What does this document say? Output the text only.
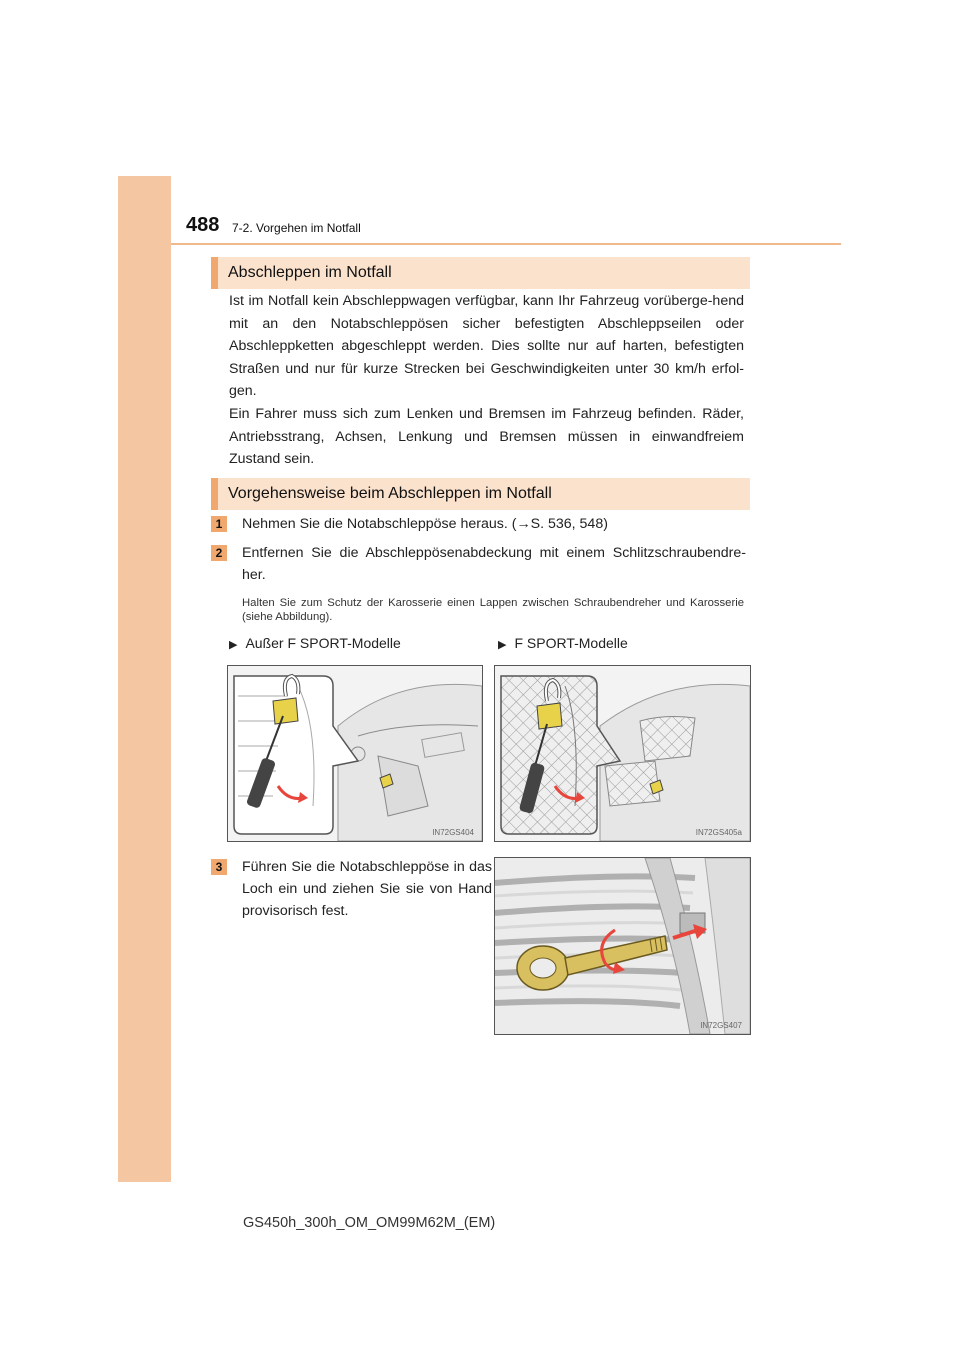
488 7-2. Vorgehen im Notfall
Abschleppen im Notfall

Ist im Notfall kein Abschleppwagen verfügbar, kann Ihr Fahrzeug vorüberge-hend mit an den Notabschleppösen sicher befestigten Abschleppseilen oder Abschleppketten abgeschleppt werden. Dies sollte nur auf harten, befestigten Straßen und nur für kurze Strecken bei Geschwindigkeiten unter 30 km/h erfol-gen.

Ein Fahrer muss sich zum Lenken und Bremsen im Fahrzeug befinden. Räder, Antriebsstrang, Achsen, Lenkung und Bremsen müssen in einwandfreiem Zustand sein.

Vorgehensweise beim Abschleppen im Notfall
1	Nehmen Sie die Notabschleppöse heraus. (→S. 536, 548)
2	Entfernen Sie die Abschleppösenabdeckung mit einem Schlitzschraubendre-her.
Halten Sie zum Schutz der Karosserie einen Lappen zwischen Schraubendreher und Karosserie (siehe Abbildung).
▶ Außer F SPORT-Modelle	▶ F SPORT-Modelle
IN72GS404	IN72GS405a
3	Führen Sie die Notabschleppöse in das Loch ein und ziehen Sie sie von Hand provisorisch fest.
IN72GS407
GS450h_300h_OM_OM99M62M_(EM)
